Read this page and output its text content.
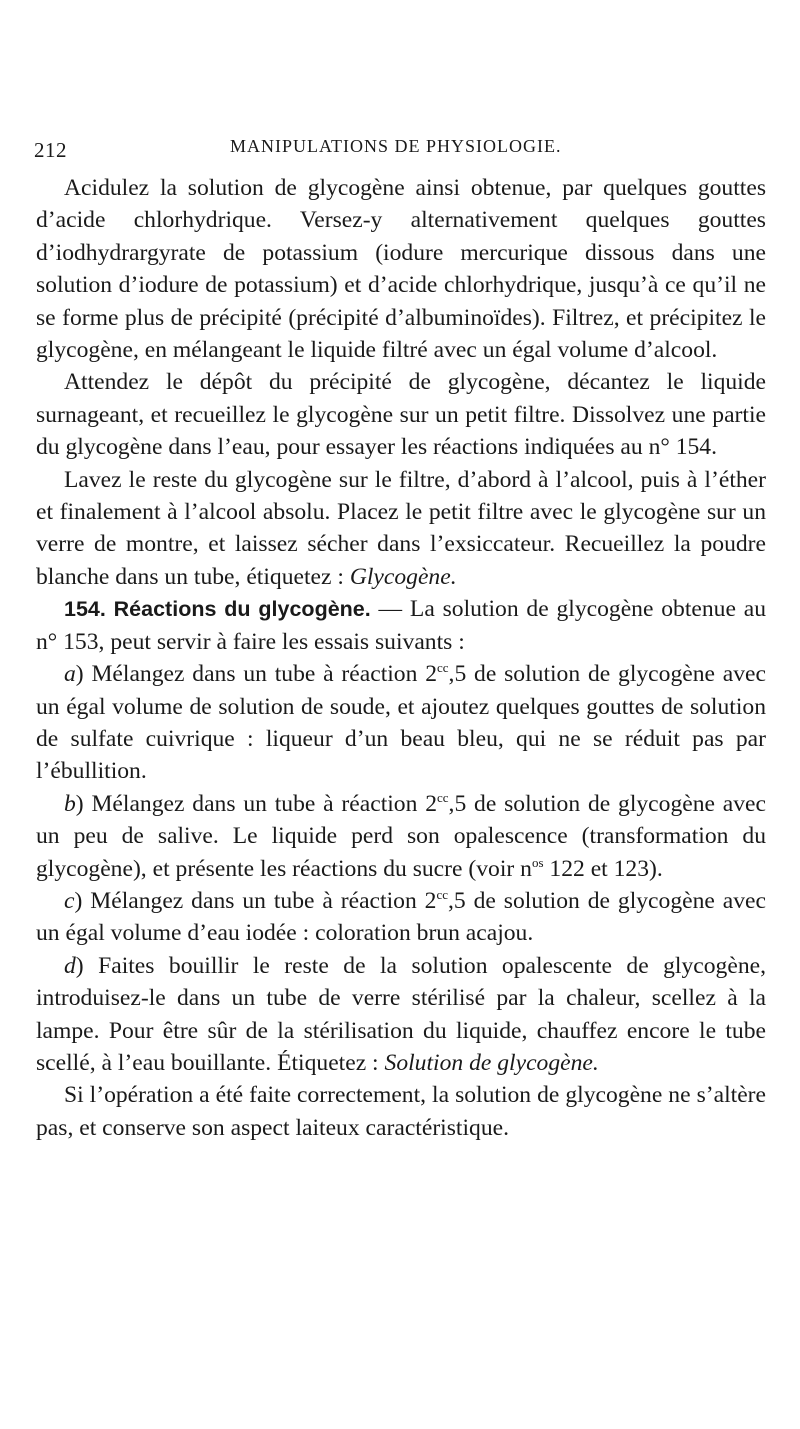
212	MANIPULATIONS DE PHYSIOLOGIE.

Acidulez la solution de glycogène ainsi obtenue, par quelques gouttes d’acide chlorhydrique. Versez-y alternativement quelques gouttes d’iodhydrargyrate de potassium (iodure mercurique dissous dans une solution d’iodure de potassium) et d’acide chlorhydrique, jusqu’à ce qu’il ne se forme plus de précipité (précipité d’albuminoïdes). Filtrez, et précipitez le glycogène, en mélangeant le liquide filtré avec un égal volume d’alcool.

Attendez le dépôt du précipité de glycogène, décantez le liquide surnageant, et recueillez le glycogène sur un petit filtre. Dissolvez une partie du glycogène dans l’eau, pour essayer les réactions indiquées au n° 154.

Lavez le reste du glycogène sur le filtre, d’abord à l’alcool, puis à l’éther et finalement à l’alcool absolu. Placez le petit filtre avec le glycogène sur un verre de montre, et laissez sécher dans l’exsiccateur. Recueillez la poudre blanche dans un tube, étiquetez : Glycogène.

154. Réactions du glycogène. — La solution de glycogène obtenue au n° 153, peut servir à faire les essais suivants :

a) Mélangez dans un tube à réaction $2^{cc},5$ de solution de glycogène avec un égal volume de solution de soude, et ajoutez quelques gouttes de solution de sulfate cuivrique : liqueur d’un beau bleu, qui ne se réduit pas par l’ébullition.

b) Mélangez dans un tube à réaction $2^{cc},5$ de solution de glycogène avec un peu de salive. Le liquide perd son opalescence (transformation du glycogène), et présente les réactions du sucre (voir $n^{os}$ 122 et 123).

c) Mélangez dans un tube à réaction $2^{cc},5$ de solution de glycogène avec un égal volume d’eau iodée : coloration brun acajou.

d) Faites bouillir le reste de la solution opalescente de glycogène, introduisez-le dans un tube de verre stérilisé par la chaleur, scellez à la lampe. Pour être sûr de la stérilisation du liquide, chauffez encore le tube scellé, à l’eau bouillante. Étiquetez : Solution de glycogène.

Si l’opération a été faite correctement, la solution de glycogène ne s’altère pas, et conserve son aspect laiteux caractéristique.
